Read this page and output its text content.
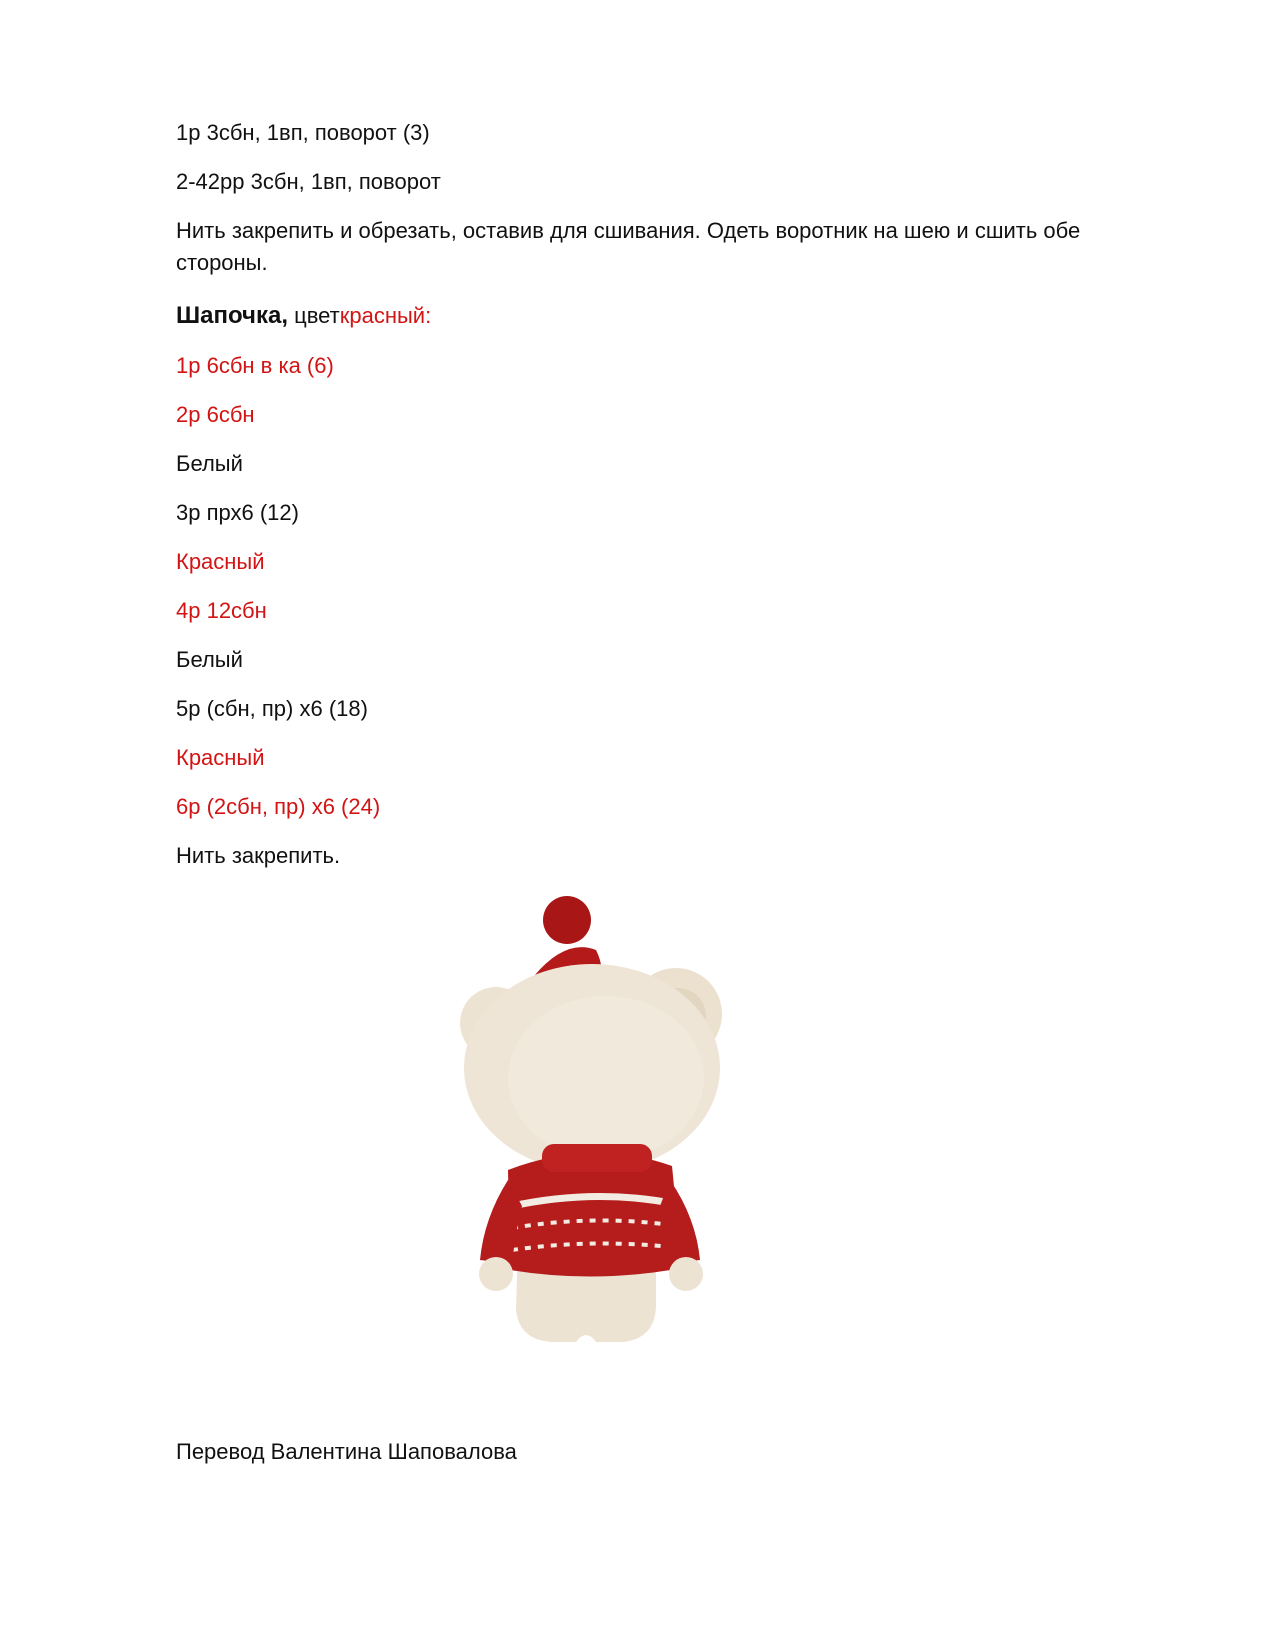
1р 3сбн, 1вп, поворот (3)
2-42рр 3сбн, 1вп, поворот
Нить закрепить и обрезать, оставив для сшивания. Одеть воротник на шею и сшить обе стороны.
Шапочка, цветкрасный:
1р 6сбн в ка (6)
2р 6сбн
Белый
3р прх6 (12)
Красный
4р 12сбн
Белый
5р (сбн, пр) х6 (18)
Красный
6р (2сбн, пр) х6 (24)
Нить закрепить.
Перевод Валентина Шаповалова
